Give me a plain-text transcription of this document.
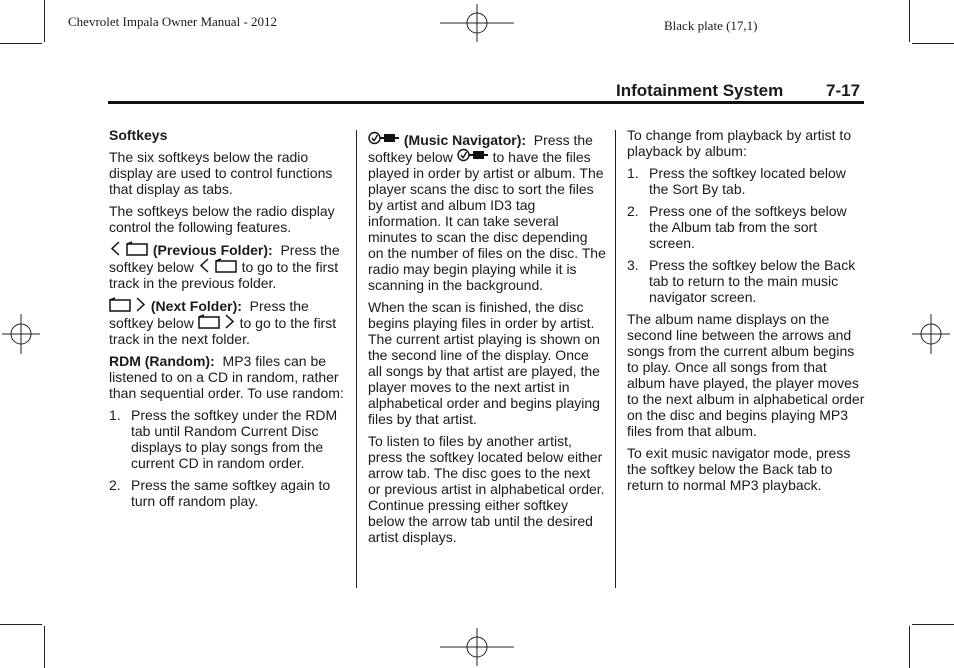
Chevrolet Impala Owner Manual - 2012	Black plate (17,1)
Infotainment System	7-17

Softkeys

The six softkeys below the radio display are used to control functions that display as tabs.

The softkeys below the radio display control the following features.

(Previous Folder): Press the softkey below	to go to the first track in the previous folder.

(Next Folder): Press the softkey below	to go to the first track in the next folder.

RDM (Random): MP3 files can be listened to on a CD in random, rather than sequential order. To use random:

1. Press the softkey under the RDM tab until Random Current Disc displays to play songs from the current CD in random order.
2. Press the same softkey again to turn off random play.

(Music Navigator): Press the softkey below	to have the files played in order by artist or album. The player scans the disc to sort the files by artist and album ID3 tag information. It can take several minutes to scan the disc depending on the number of files on the disc. The radio may begin playing while it is scanning in the background.

When the scan is finished, the disc begins playing files in order by artist. The current artist playing is shown on the second line of the display. Once all songs by that artist are played, the player moves to the next artist in alphabetical order and begins playing files by that artist.

To listen to files by another artist, press the softkey located below either arrow tab. The disc goes to the next or previous artist in alphabetical order. Continue pressing either softkey below the arrow tab until the desired artist displays.

To change from playback by artist to playback by album:

1. Press the softkey located below the Sort By tab.
2. Press one of the softkeys below the Album tab from the sort screen.
3. Press the softkey below the Back tab to return to the main music navigator screen.

The album name displays on the second line between the arrows and songs from the current album begins to play. Once all songs from that album have played, the player moves to the next album in alphabetical order on the disc and begins playing MP3 files from that album.

To exit music navigator mode, press the softkey below the Back tab to return to normal MP3 playback.
